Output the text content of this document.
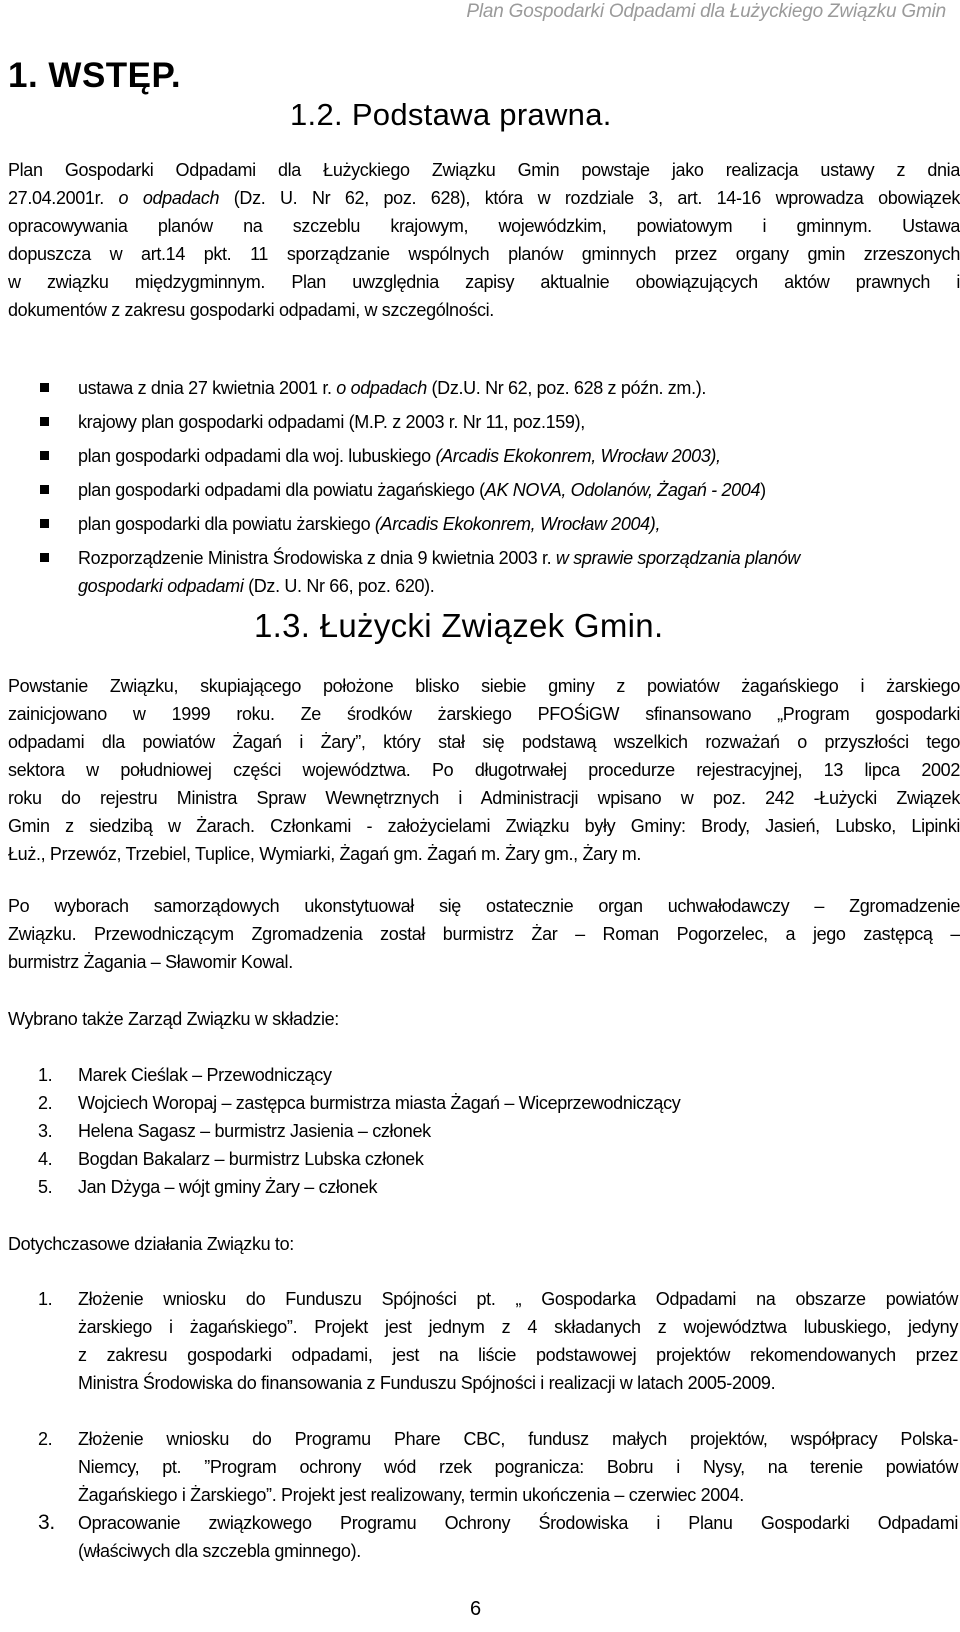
Plan Gospodarki Odpadami dla Łużyckiego Związku Gmin
1. WSTĘP.
1.2. Podstawa prawna.
Plan Gospodarki Odpadami dla Łużyckiego Związku Gmin powstaje jako realizacja ustawy z dnia
27.04.2001r. o odpadach (Dz. U. Nr 62, poz. 628), która w rozdziale 3, art. 14-16 wprowadza obowiązek
opracowywania planów na szczeblu krajowym, wojewódzkim, powiatowym i gminnym. Ustawa
dopuszcza w art.14 pkt. 11 sporządzanie wspólnych planów gminnych przez organy gmin zrzeszonych
w związku międzygminnym. Plan uwzględnia zapisy aktualnie obowiązujących aktów prawnych i
dokumentów z zakresu gospodarki odpadami, w szczególności.
ustawa z dnia 27 kwietnia 2001 r. o odpadach (Dz.U. Nr 62, poz. 628 z późn. zm.).
krajowy plan gospodarki odpadami (M.P. z 2003 r. Nr 11, poz.159),
plan gospodarki odpadami dla woj. lubuskiego (Arcadis Ekokonrem, Wrocław 2003),
plan gospodarki odpadami dla powiatu żagańskiego (AK NOVA, Odolanów, Żagań - 2004)
plan gospodarki dla powiatu żarskiego (Arcadis Ekokonrem, Wrocław 2004),
Rozporządzenie Ministra Środowiska z dnia 9 kwietnia 2003 r. w sprawie sporządzania planów
gospodarki odpadami (Dz. U. Nr 66, poz. 620).
1.3. Łużycki Związek Gmin.
Powstanie Związku, skupiającego położone blisko siebie gminy z powiatów żagańskiego i żarskiego
zainicjowano w 1999 roku. Ze środków żarskiego PFOŚiGW sfinansowano „Program gospodarki
odpadami dla powiatów Żagań i Żary”, który stał się podstawą wszelkich rozważań o przyszłości tego
sektora w południowej części województwa. Po długotrwałej procedurze rejestracyjnej, 13 lipca 2002
roku do rejestru Ministra Spraw Wewnętrznych i Administracji wpisano w poz. 242 -Łużycki Związek
Gmin z siedzibą w Żarach. Członkami - założycielami Związku były Gminy: Brody, Jasień, Lubsko, Lipinki
Łuż., Przewóz, Trzebiel, Tuplice, Wymiarki, Żagań gm. Żagań m. Żary gm., Żary m.
Po wyborach samorządowych ukonstytuował się ostatecznie organ uchwałodawczy – Zgromadzenie
Związku. Przewodniczącym Zgromadzenia został burmistrz Żar – Roman Pogorzelec, a jego zastępcą –
burmistrz Żagania – Sławomir Kowal.
Wybrano także Zarząd Związku w składzie:
1. Marek Cieślak – Przewodniczący
2. Wojciech Woropaj – zastępca burmistrza miasta Żagań – Wiceprzewodniczący
3. Helena Sagasz – burmistrz Jasienia – członek
4. Bogdan Bakalarz – burmistrz Lubska członek
5. Jan Dżyga – wójt gminy Żary – członek
Dotychczasowe działania Związku to:
1. Złożenie wniosku do Funduszu Spójności pt. „ Gospodarka Odpadami na obszarze powiatów
żarskiego i żagańskiego”. Projekt jest jednym z 4 składanych z województwa lubuskiego, jedyny
z zakresu gospodarki odpadami, jest na liście podstawowej projektów rekomendowanych przez
Ministra Środowiska do finansowania z Funduszu Spójności i realizacji w latach 2005-2009.
2. Złożenie wniosku do Programu Phare CBC, fundusz małych projektów, współpracy Polska-
Niemcy, pt. ”Program ochrony wód rzek pogranicza: Bobru i Nysy, na terenie powiatów
Żagańskiego i Żarskiego”. Projekt jest realizowany, termin ukończenia – czerwiec 2004.
3. Opracowanie związkowego Programu Ochrony Środowiska i Planu Gospodarki Odpadami
(właściwych dla szczebla gminnego).
6
